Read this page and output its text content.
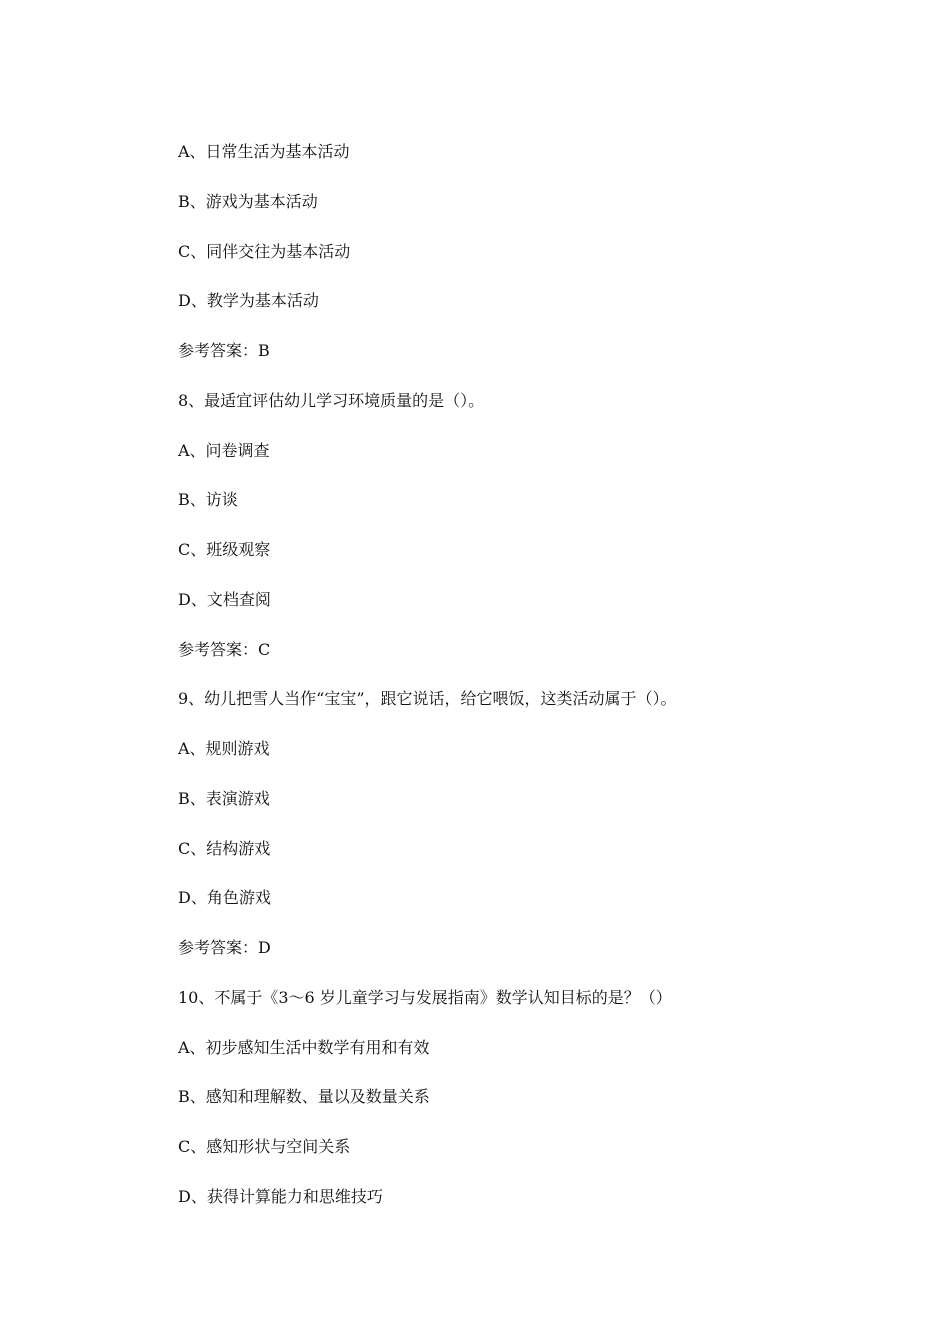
A、日常生活为基本活动
B、游戏为基本活动
C、同伴交往为基本活动
D、教学为基本活动
参考答案：B
8、最适宜评估幼儿学习环境质量的是（）。
A、问卷调查
B、访谈
C、班级观察
D、文档查阅
参考答案：C
9、幼儿把雪人当作“宝宝”，跟它说话，给它喂饭，这类活动属于（）。
A、规则游戏
B、表演游戏
C、结构游戏
D、角色游戏
参考答案：D
10、不属于《3～6 岁儿童学习与发展指南》数学认知目标的是？（）
A、初步感知生活中数学有用和有效
B、感知和理解数、量以及数量关系
C、感知形状与空间关系
D、获得计算能力和思维技巧
